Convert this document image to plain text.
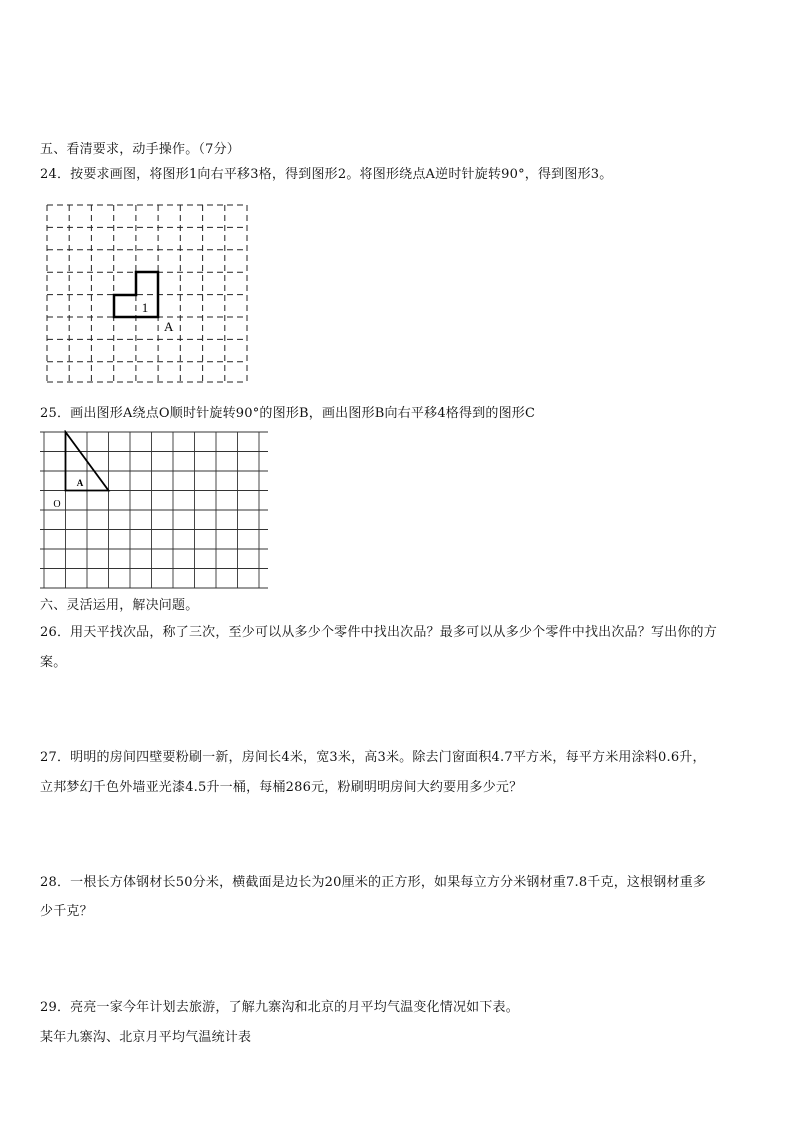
五、看清要求，动手操作。（7分）
24．按要求画图，将图形1向右平移3格，得到图形2。将图形绕点A逆时针旋转90°，得到图形3。
1
A
25．画出图形A绕点O顺时针旋转90°的图形B，画出图形B向右平移4格得到的图形C
A
O
六、灵活运用，解决问题。
26．用天平找次品，称了三次，至少可以从多少个零件中找出次品？最多可以从多少个零件中找出次品？写出你的方
案。
27．明明的房间四壁要粉刷一新，房间长4米，宽3米，高3米。除去门窗面积4.7平方米，每平方米用涂料0.6升，
立邦梦幻千色外墙亚光漆4.5升一桶，每桶286元，粉刷明明房间大约要用多少元？
28．一根长方体钢材长50分米，横截面是边长为20厘米的正方形，如果每立方分米钢材重7.8千克，这根钢材重多
少千克？
29．亮亮一家今年计划去旅游，了解九寨沟和北京的月平均气温变化情况如下表。
某年九寨沟、北京月平均气温统计表
